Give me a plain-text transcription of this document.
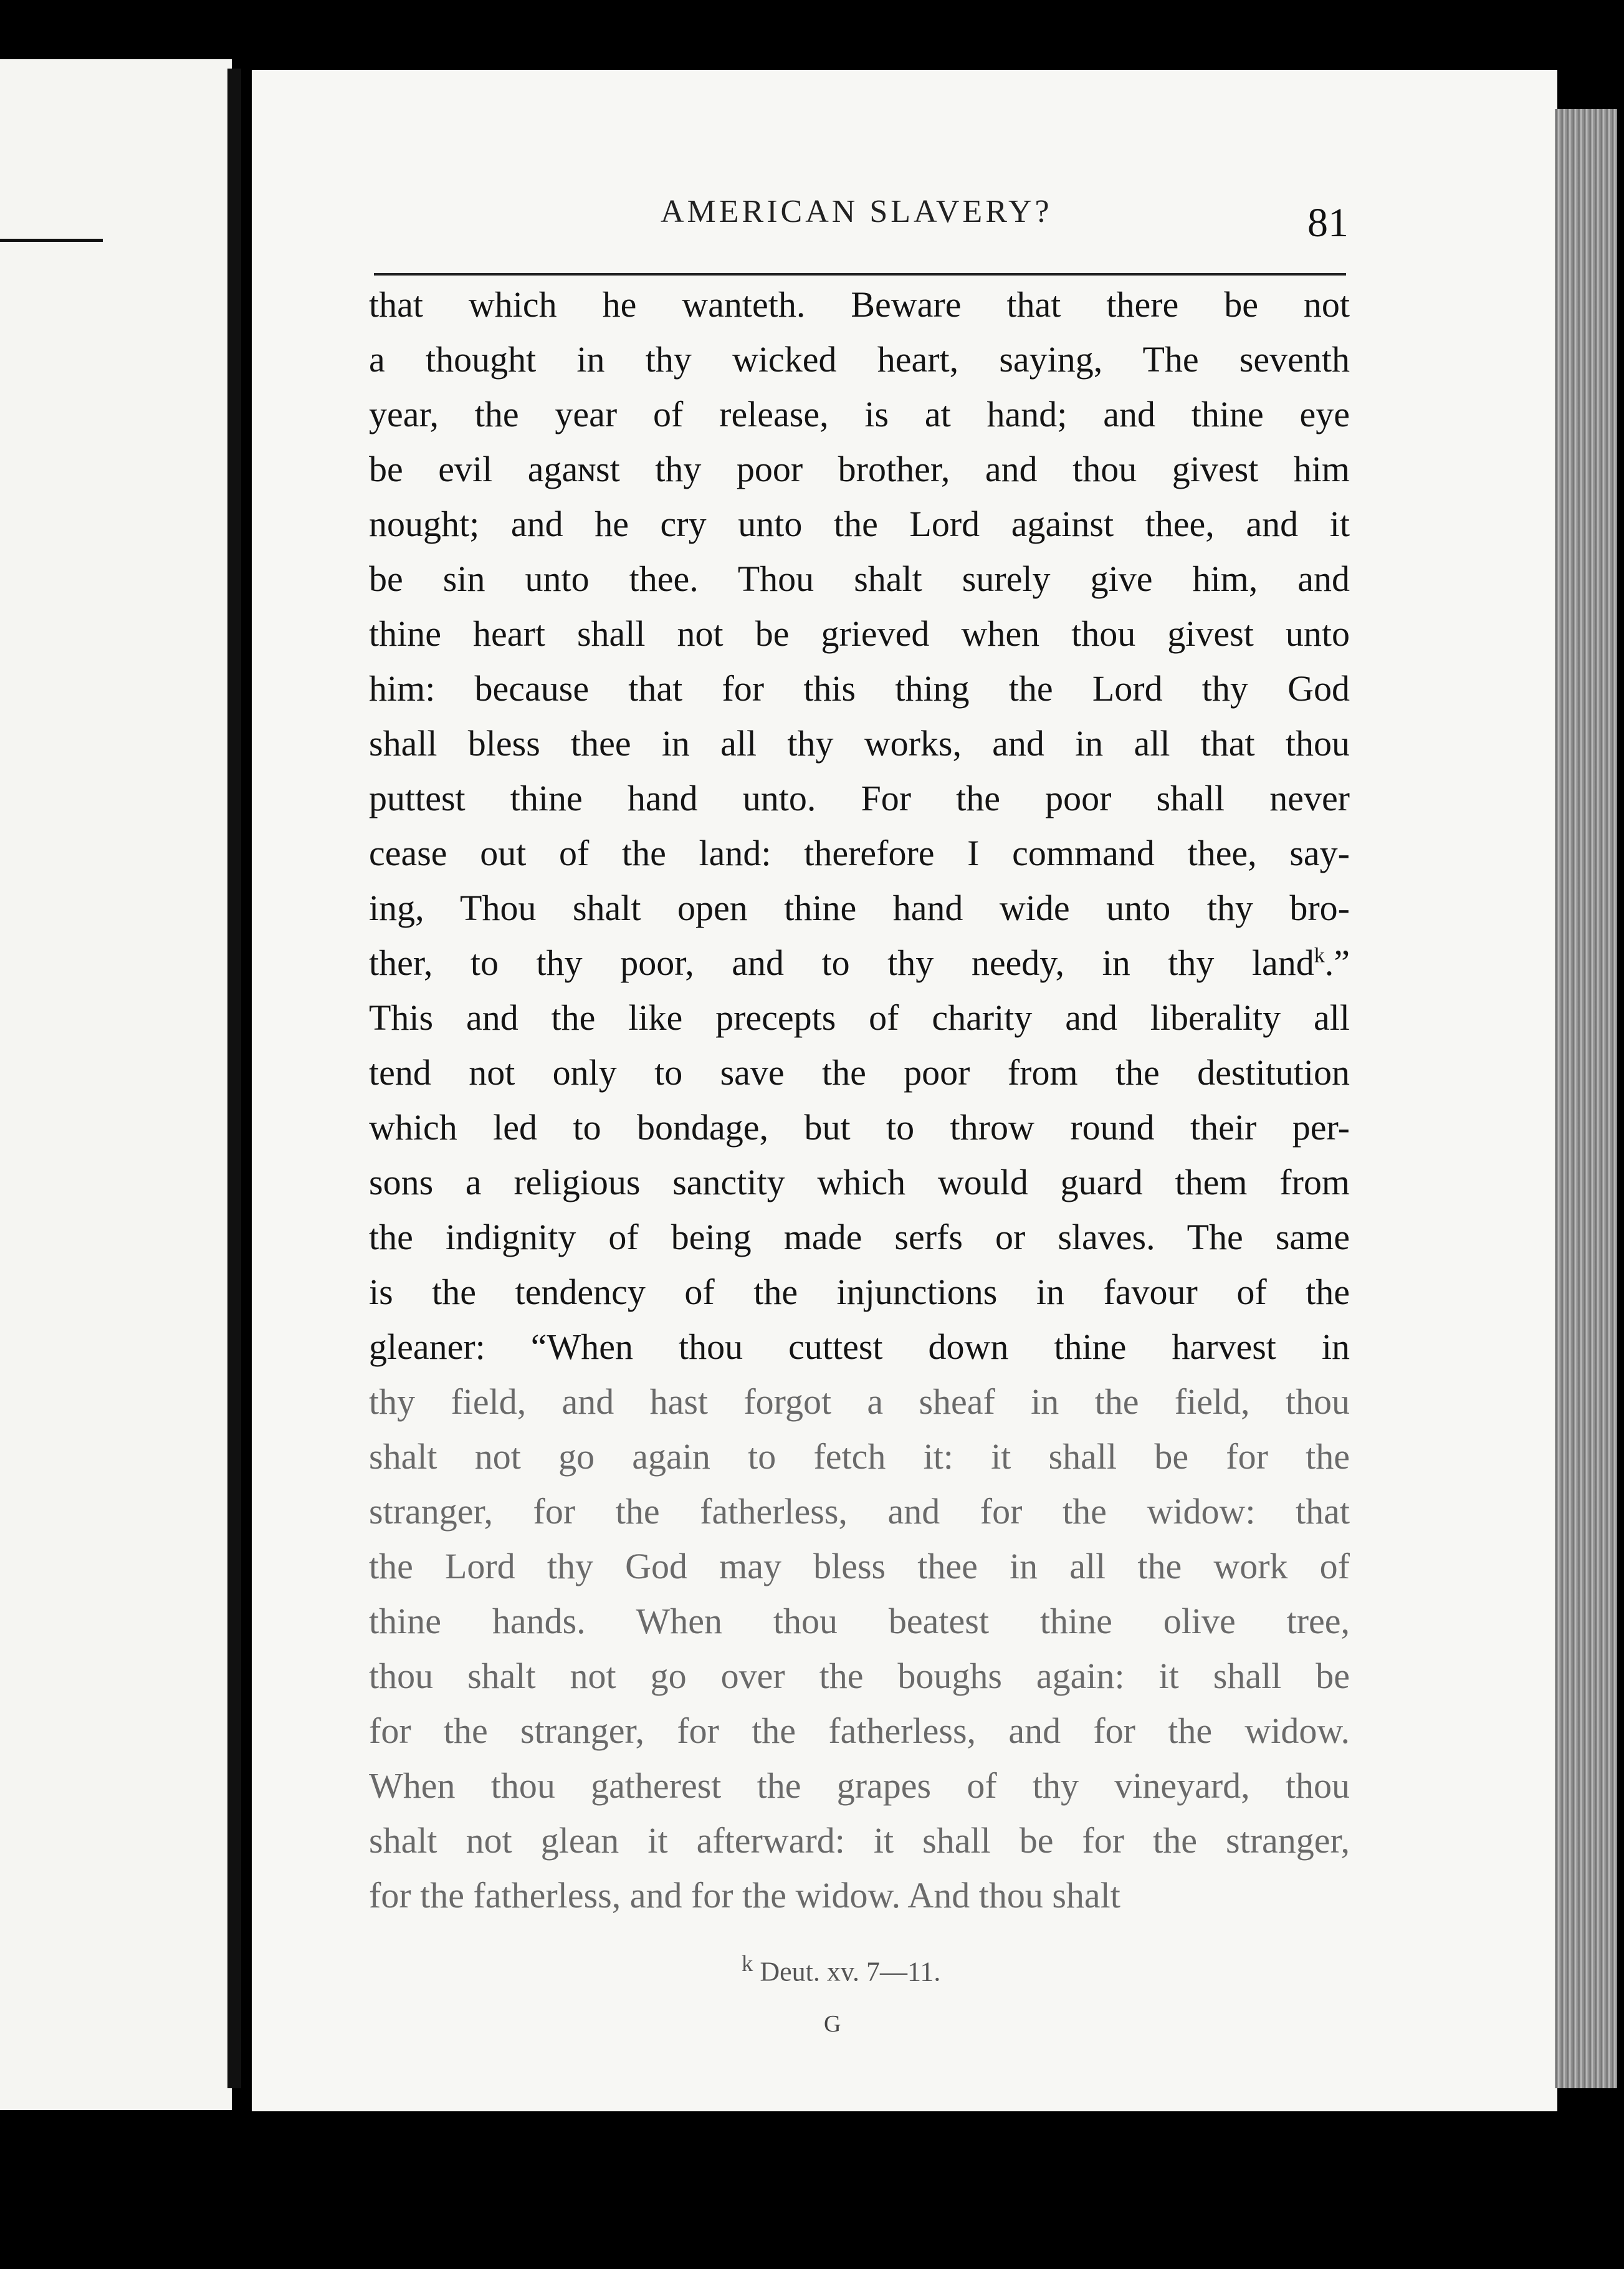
AMERICAN SLAVERY?	81
that which he wanteth. Beware that there be not
a thought in thy wicked heart, saying, The seventh
year, the year of release, is at hand; and thine eye
be evil agaɴst thy poor brother, and thou givest him
nought; and he cry unto the Lord against thee, and it
be sin unto thee. Thou shalt surely give him, and
thine heart shall not be grieved when thou givest unto
him: because that for this thing the Lord thy God
shall bless thee in all thy works, and in all that thou
puttest thine hand unto. For the poor shall never
cease out of the land: therefore I command thee, say-
ing, Thou shalt open thine hand wide unto thy bro-
ther, to thy poor, and to thy needy, in thy land$^k$.”
This and the like precepts of charity and liberality all
tend not only to save the poor from the destitution
which led to bondage, but to throw round their per-
sons a religious sanctity which would guard them from
the indignity of being made serfs or slaves. The same
is the tendency of the injunctions in favour of the
gleaner: “When thou cuttest down thine harvest in
thy field, and hast forgot a sheaf in the field, thou
shalt not go again to fetch it: it shall be for the
stranger, for the fatherless, and for the widow: that
the Lord thy God may bless thee in all the work of
thine hands. When thou beatest thine olive tree,
thou shalt not go over the boughs again: it shall be
for the stranger, for the fatherless, and for the widow.
When thou gatherest the grapes of thy vineyard, thou
shalt not glean it afterward: it shall be for the stranger,
for the fatherless, and for the widow. And thou shalt
$^k$ Deut. xv. 7—11.
G
